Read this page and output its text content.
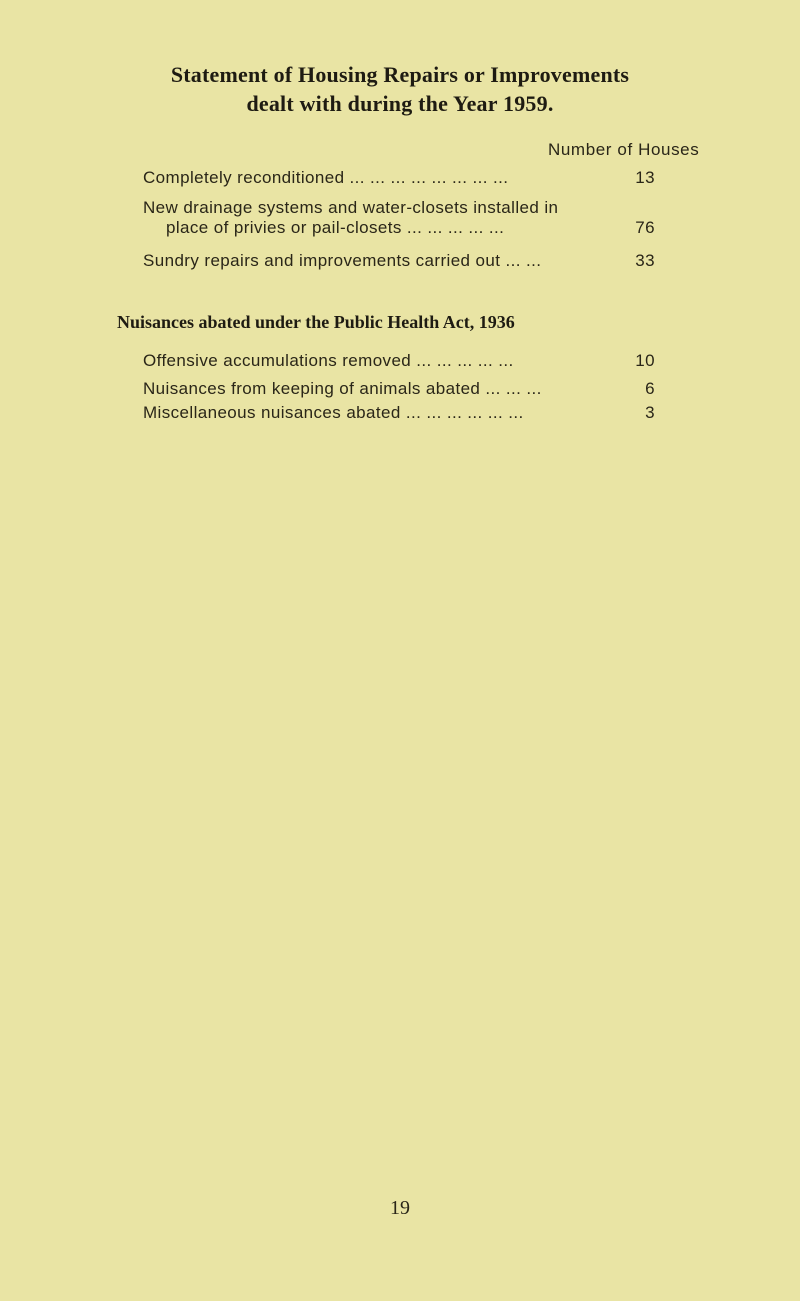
Statement of Housing Repairs or Improvements
dealt with during the Year 1959.
Number of Houses
Completely reconditioned ... ... ... ... ... ... ... ...	13
New drainage systems and water-closets installed in
place of privies or pail-closets ... ... ... ... ...	76
Sundry repairs and improvements carried out ... ...	33
Nuisances abated under the Public Health Act, 1936
Offensive accumulations removed ... ... ... ... ...	10
Nuisances from keeping of animals abated ... ... ...	6
Miscellaneous nuisances abated ... ... ... ... ... ...	3
19
